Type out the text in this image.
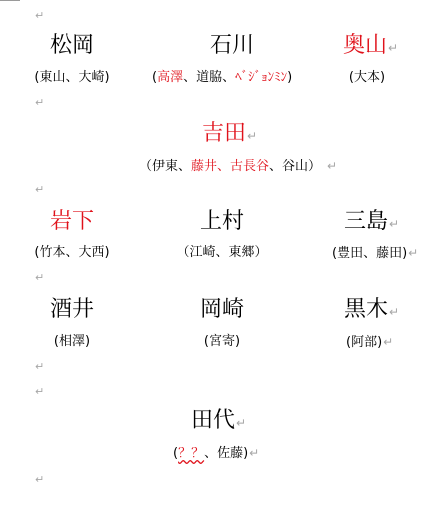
↵
↵
↵
↵
↵
↵
↵
松岡	石川	奥山↵
(東山、大崎)	(高澤、道脇、ﾍﾞｼﾞｮﾝﾐﾝ)	(大本)
吉田↵
（伊東、藤井、古長谷、谷山） ↵
岩下	上村	三島↵
(竹本、大西)	（江崎、東郷）	(豊田、藤田)↵
酒井	岡崎	黒木↵
(相澤)	(宮寄)	(阿部)↵
田代↵
(？？、佐藤)↵
